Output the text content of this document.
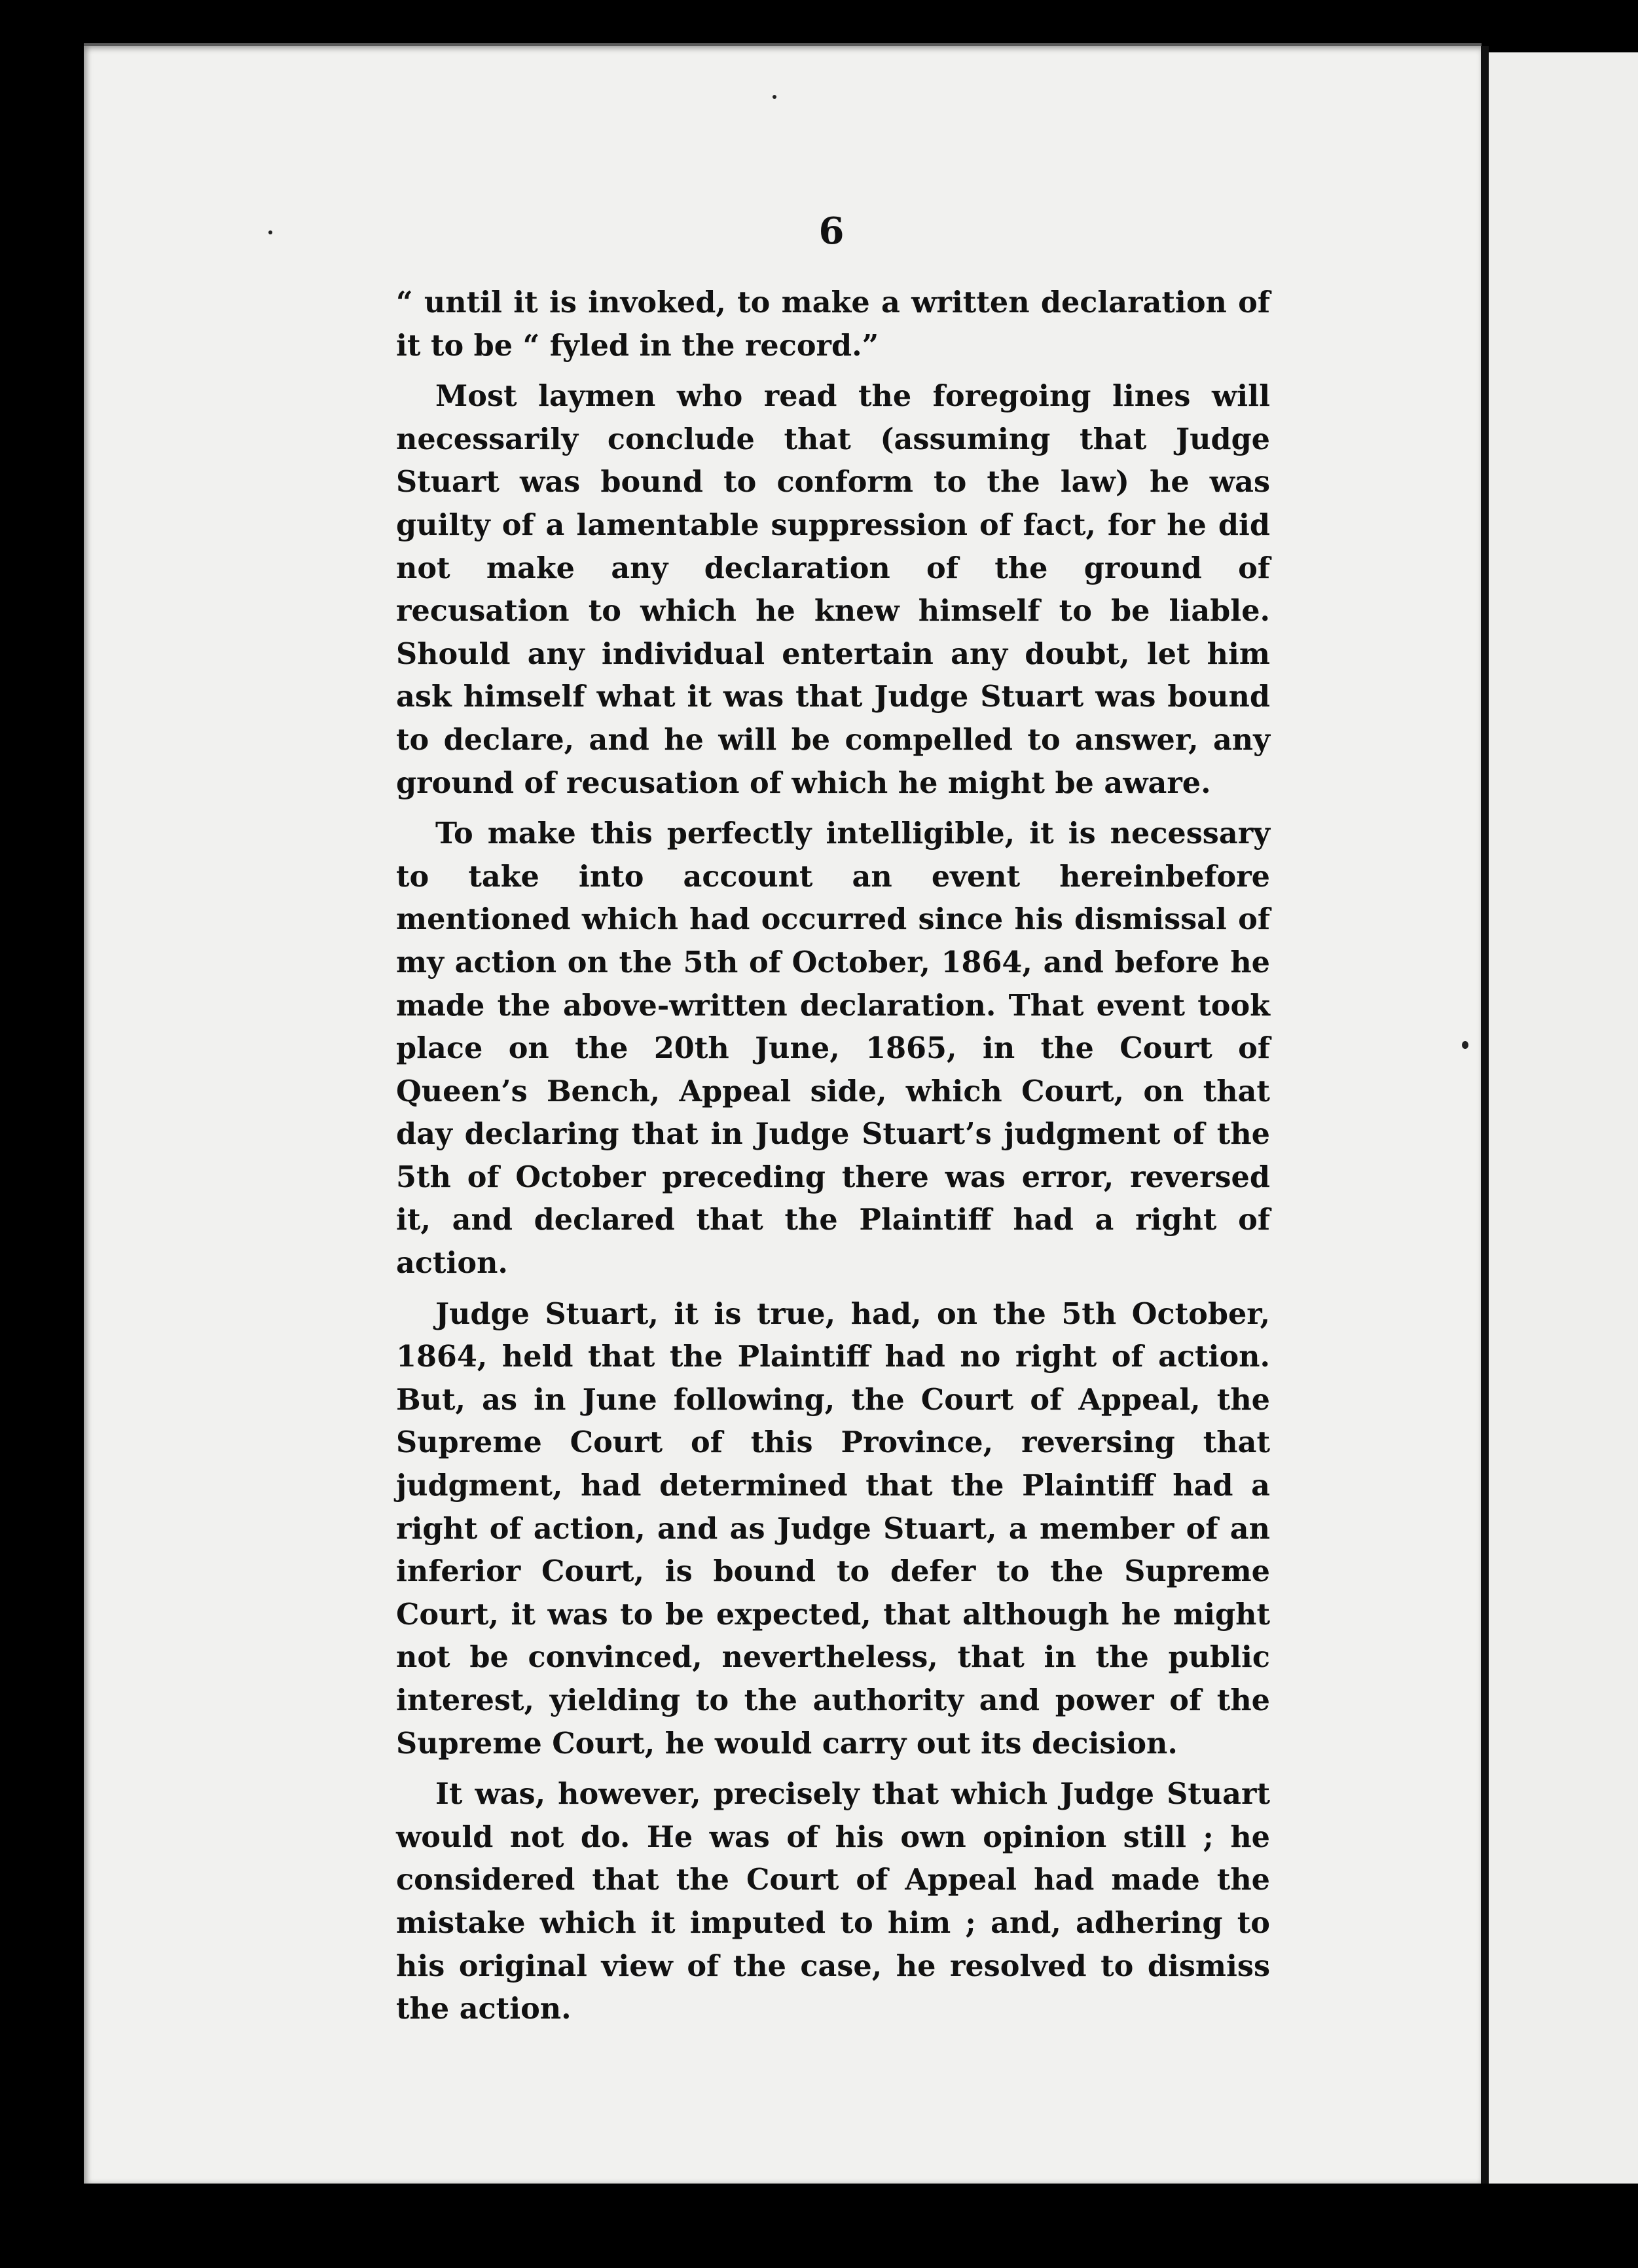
6

“ until it is invoked, to make a written declaration of it to be “ fyled in the record.”

Most laymen who read the foregoing lines will necessarily conclude that (assuming that Judge Stuart was bound to conform to the law) he was guilty of a lamentable suppression of fact, for he did not make any declaration of the ground of recusation to which he knew himself to be liable. Should any individual entertain any doubt, let him ask himself what it was that Judge Stuart was bound to declare, and he will be compelled to answer, any ground of recusation of which he might be aware.

To make this perfectly intelligible, it is necessary to take into account an event hereinbefore mentioned which had occurred since his dismissal of my action on the 5th of October, 1864, and before he made the above-written declaration. That event took place on the 20th June, 1865, in the Court of Queen’s Bench, Appeal side, which Court, on that day declaring that in Judge Stuart’s judgment of the 5th of October preceding there was error, reversed it, and declared that the Plaintiff had a right of action.

Judge Stuart, it is true, had, on the 5th October, 1864, held that the Plaintiff had no right of action. But, as in June following, the Court of Appeal, the Supreme Court of this Province, reversing that judgment, had determined that the Plaintiff had a right of action, and as Judge Stuart, a member of an inferior Court, is bound to defer to the Supreme Court, it was to be expected, that although he might not be convinced, nevertheless, that in the public interest, yielding to the authority and power of the Supreme Court, he would carry out its decision.

It was, however, precisely that which Judge Stuart would not do. He was of his own opinion still ; he considered that the Court of Appeal had made the mistake which it imputed to him ; and, adhering to his original view of the case, he resolved to dismiss the action.
